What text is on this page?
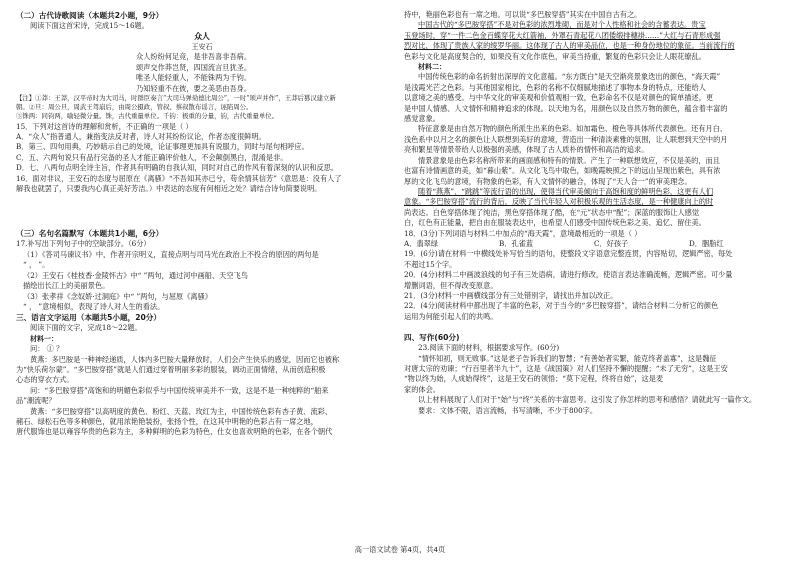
（二）古代诗歌阅读（本题共2小题，9分）
阅读下面这首宋诗，完成15～16题。
众人
王安石
众人纷纷何足竞，是非吾喜非吾病。
颂声交作莽岂贤，四国流言旦犹圣。
唯圣人能轻重人，不能铢两为千钧。
乃知轻重不在彼，要之美恶由吾身。
【注】①莽：王莽，汉平帝时为大司马，时群臣奏言“大司马弹劾德比周公”，一时“颂声并作”，王莽后篡汉建立新
朝。②旦：周公旦，周武王驾崩后，由周公摄政，管叔、蔡叔散布谣言，诬陷周公。
③铢两：同钧两，喻轻微分量。铢，古代重量单位。千钧：极重的分量，钧，古代重量单位。
15．下列对这首诗的理解和赏析，不正确的一项是（ ）
A．“众人”指普通人，兼指变法反对者，诗人对其纷纷议论，作者态度很鲜明。
B．第三、四句用典，巧妙暗示自己的处境，论证事理更加具有说服力，同时与尾句相呼应。
C．五、六两句说只有品行完备的圣人才能正确评价他人，不会颠倒黑白，混淆是非。
D．七、八两句点明全诗主旨，作者具有明确的自我认知，同时对自己的作风有着深刻的认识和反思。
16．面对非议，王安石的态度与屈原在《离骚》“不吾知其亦已兮，苟余情其信芳”（意思是：没有人了
解我也就罢了，只要我内心真正美好芳洁。）中表达的态度有何相近之处？请结合诗句简要说明。
（三）名句名篇默写（本题共1小题，6分）
17.补写出下列句子中的空缺部分。（6分）
（1）《答司马谏议书》中，作者开宗明义，直接点明与司马光在政治上不投合的原因的两句是
“ ， ”。
（2）王安石《桂枝香·金陵怀古》中“ ”两句，通过河中画船、天空飞鸟
描绘出长江上的美丽景色。
（3）张孝祥《念奴娇·过洞庭》中“ ”两句，与屈原《离骚》
“ ， ”意境相似，表现了诗人对人生的看法。
三、语言文字运用（本题共5小题，20分）
阅读下面的文字，完成18～22题。
材料一：
问： ① ？
黄燕：多巴胺是一种神经递质，人体内多巴胺大量释放时，人们会产生快乐的感觉，因而它也被称
为“快乐荷尔蒙”。“多巴胺穿搭”就是人们通过穿着明丽多彩的服装，调动正面情绪，从而创造积极
心态的穿衣方式。
问：“多巴胺穿搭”高饱和的明媚色彩似乎与中国传统审美并不一致，这是不是一种纯粹的“舶来
品”潮流呢？
黄燕：“多巴胺穿搭”以高明度的黄色、粉红、天蓝、玫红为主，中国传统色彩有杏子黄、流彩、
赭石、绿松石色等多种颜色，就用浓艳艳装扮，张扬个性，在这其中明艳的色彩占有一席之地，
唐代服饰也是以雍容华贵的色彩为主，多种鲜明的色彩为特色，仕女也喜欢明艳的色彩，在各个朝代
持中，艳丽色彩也有一席之地。可以说“多巴胺穿搭”其实在中国自古有之。
中国古代的“多巴胺穿搭”不是对色彩的浓烈堆砌，而是对个人性格和社会的含蓄表达。贵宝
玉登场时，穿“一件二色金百蝶穿花大红箭袖，外罩石青起花八团倭缎排穗褂……”大红与石青形成强
烈对比，体现了贵族人家的绫罗华丽。这体现了古人的审美品位，也是一种身份地位的象征。当前流行的
色彩与文化是高度契合的，如果没有文化作底色，审美当持重，繁复的色彩只会让人眼花缭乱。
材料二：
中国传统色彩的命名折射出深厚的文化意蕴。“东方既白”是天空渐亮景象迭出的颜色，“海天霞”
是浅霞光芒之色彩。与其他国家相比，色彩的名称不仅细腻地描述了事物本身的特点，还能给人
以意境之美的感受。与中华文化的审美观和价值观相一致，色彩命名不仅是对颜色的简单描述，更
是中国人情感、人文情怀和精神追求的体现。以天地为名，用颜色以及自然万物的颜色，蕴含着丰富的
感觉意象。
特征意象是由自然万物的颜色所派生出来的色彩。如加霜色、橙色等具体所代表颜色。还有月白、
浅色系中以月之名的颜色让人联想到美好的意境，营造出一种清淡素雅的氛围，让人联想到天空中的月
亮和繁星等情景带给人以极强的美感，体现了古人质朴的情怀和高洁的追求。
情景意象是由色彩名称所带来的画面感和特有的情景。产生了一种联想效应，不仅是美的，而且
也富有诗情画意的美，如“暮山紫”。从文化飞鸟中取色，如晚霞映照之下的远山呈现出紫色，具有浓
厚的文化飞鸟的意境，有物象的色彩，有人文情怀的融合，体现了“天人合一”的审美理念。
随着“燕燕”、“跳跳”等流行语的出现，使得当代审美倾向于高饱和度的鲜明色彩，这更有人们
意象。“多巴胺穿搭”流行的背后，反映了当代年轻人对积极乐观的生活态度，是一种健康向上的时
尚表达。白色穿搭体现了纯洁，黑色穿搭体现了酷，在“元”状态中“配”；深蓝的服饰让人感觉
白，红色有正能量，把自由在服装表达中，也希望人们感受中国传统色彩之美、追忆、留住美。
18．(3分)下列词语与材料二中加点的“海天霞”，意境最相近的一项是（ ）
A．翡翠绿	B．孔雀蓝	C．好孩子	D．胭脂红
19．(6分)请在材料一中横线处补写恰当的语句，使整段文字语意完整连贯，内容贴切，逻辑严密，每处
不超过15个字。
20．(4分)材料二中画波浪线的句子有三处语病，请进行修改，使语言表达准确流畅，逻辑严密。可少量
增删词语，但不得改变原意。
21．(3分)材料一中画横线部分有三处错别字，请找出并加以改正。
22．(4分)阅读材料中都出现了丰富的色彩，对于当今的“多巴胺穿搭”，请结合材料二分析它的颜色
运用为何能引起人们的共鸣。
四、写作(60分)
23.阅读下面的材料，根据要求写作。(60分)
“情怀知初，则无败事。”这是老子告诉我们的智慧；“有善始者实繁，能克终者盖寡”，这是魏征
对唐太宗的劝谏；“行百里者半九十”，这是《战国策》对人们坚持不懈的提醒；“未了无穷”，这是王安
“物以终为始，人成始得终”，这是王安石的领悟；“莫下定程，终将自始”，这是麦
家的体会。
以上材料展现了人们对于“始”与“终”关系的丰富思考。这引发了你怎样的思考和感悟？请就此写一篇作文。
要求：文体不限，语言流畅，书写清晰，不少于800字。
高一语文试卷 第4页，共4页
